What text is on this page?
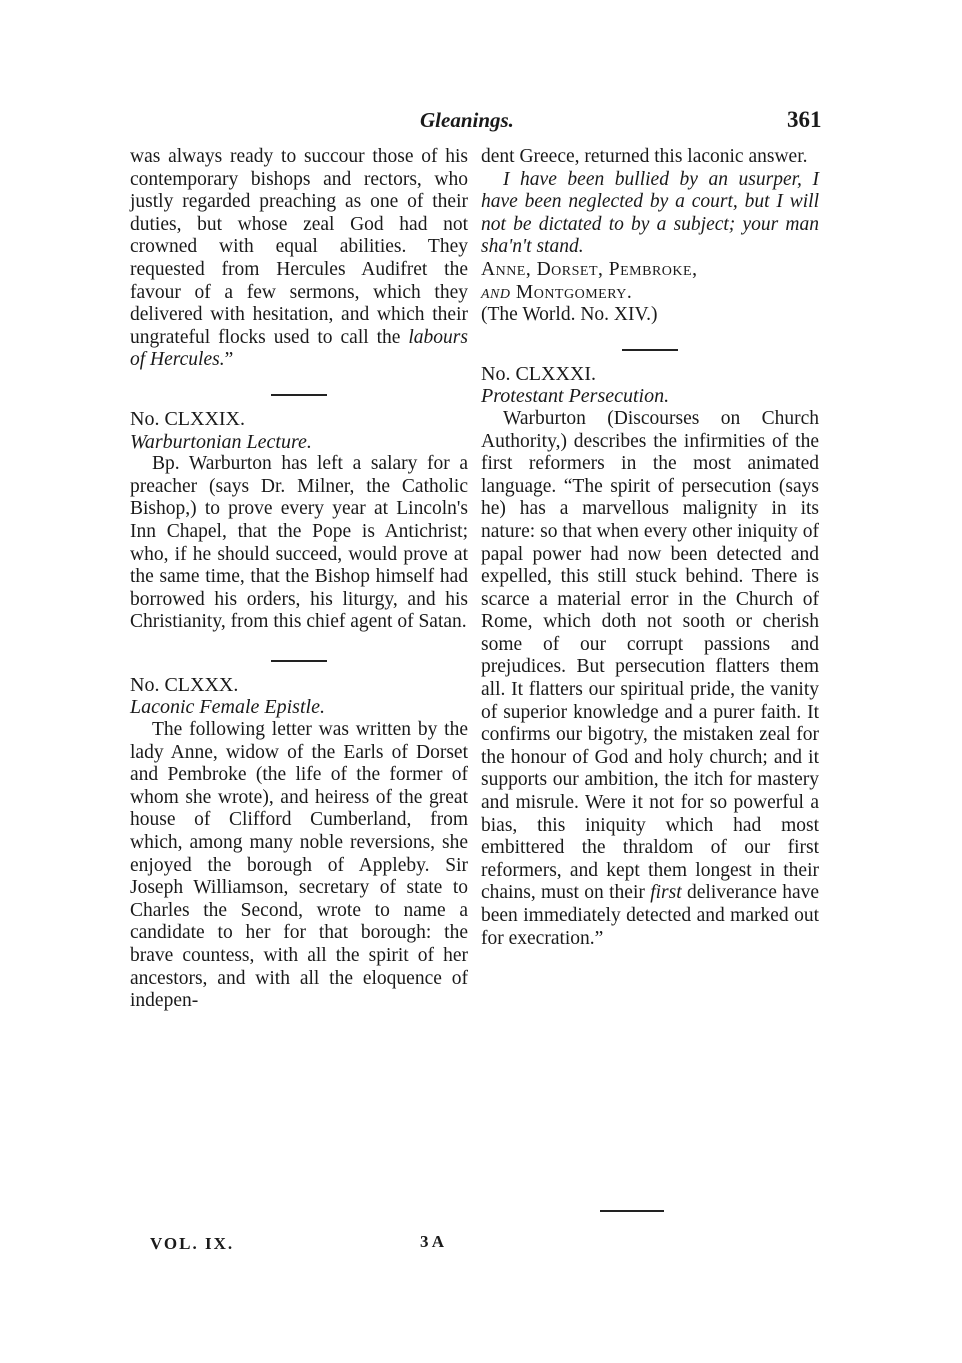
Gleanings.	361

was always ready to succour those of his contemporary bishops and rectors, who justly regarded preaching as one of their duties, but whose zeal God had not crowned with equal abilities. They requested from Hercules Audifret the favour of a few sermons, which they delivered with hesitation, and which their ungrateful flocks used to call the labours of Hercules.”

No. CLXXIX.

Warburtonian Lecture.

Bp. Warburton has left a salary for a preacher (says Dr. Milner, the Catholic Bishop,) to prove every year at Lincoln's Inn Chapel, that the Pope is Antichrist; who, if he should succeed, would prove at the same time, that the Bishop himself had borrowed his orders, his liturgy, and his Christianity, from this chief agent of Satan.

No. CLXXX.

Laconic Female Epistle.

The following letter was written by the lady Anne, widow of the Earls of Dorset and Pembroke (the life of the former of whom she wrote), and heiress of the great house of Clifford Cumberland, from which, among many noble reversions, she enjoyed the borough of Appleby. Sir Joseph Williamson, secretary of state to Charles the Second, wrote to name a candidate to her for that borough: the brave countess, with all the spirit of her ancestors, and with all the eloquence of indepen-

dent Greece, returned this laconic answer.

I have been bullied by an usurper, I have been neglected by a court, but I will not be dictated to by a subject; your man sha'n't stand.

Anne, Dorset, Pembroke,

and Montgomery.

(The World. No. XIV.)

No. CLXXXI.

Protestant Persecution.

Warburton (Discourses on Church Authority,) describes the infirmities of the first reformers in the most animated language. “The spirit of persecution (says he) has a marvellous malignity in its nature: so that when every other iniquity of papal power had now been detected and expelled, this still stuck behind. There is scarce a material error in the Church of Rome, which doth not sooth or cherish some of our corrupt passions and prejudices. But persecution flatters them all. It flatters our spiritual pride, the vanity of superior knowledge and a purer faith. It confirms our bigotry, the mistaken zeal for the honour of God and holy church; and it supports our ambition, the itch for mastery and misrule. Were it not for so powerful a bias, this iniquity which had most embittered the thraldom of our first reformers, and kept them longest in their chains, must on their first deliverance have been immediately detected and marked out for execration.”

VOL. IX.	3 A
